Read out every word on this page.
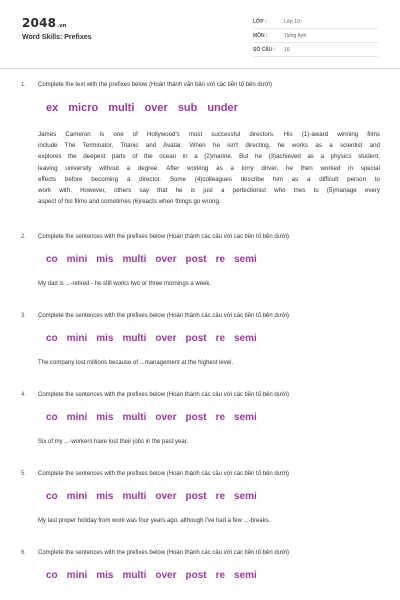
2048.vn
Word Skills: Prefixes
LỚP :	Lớp 10
MÔN :	Tiếng Anh
SỐ CÂU : 16
1. Complete the text with the prefixes below (Hoàn thành văn bản với các tiền tố bên dưới)
ex micro multi over sub under
James Cameron is one of Hollywood's most successful directors. His (1)-award winning films
include The Terminator, Titanic and Avatar. When he isn't directing, he works as a scientist and
explores the deepest parts of the ocean in a (2)marine. But he (3)achieved as a physics student,
leaving university without a degree. After working as a lorry driver, he then worked in special
effects before becoming a director. Some (4)colleagues describe him as a difficult person to
work with. However, others say that he is just a perfectionist who tries to (5)manage every
aspect of his films and sometimes (6)reacts when things go wrong.
2. Complete the sentences with the prefixes below (Hoàn thành các câu với các tiền tố bên dưới)
co mini mis multi over post re semi
My dad is ...-retired - he still works two or three mornings a week.
3. Complete the sentences with the prefixes below (Hoàn thành các câu với các tiền tố bên dưới)
co mini mis multi over post re semi
The company lost millions because of ...management at the highest level.
4. Complete the sentences with the prefixes below (Hoàn thành các câu với các tiền tố bên dưới)
co mini mis multi over post re semi
Six of my ...-workers have lost their jobs in the past year.
5. Complete the sentences with the prefixes below (Hoàn thành các câu với các tiền tố bên dưới)
co mini mis multi over post re semi
My last proper holiday from work was four years ago, although I've had a few ...-breaks.
6. Complete the sentences with the prefixes below (Hoàn thành các câu với các tiền tố bên dưới)
co mini mis multi over post re semi
